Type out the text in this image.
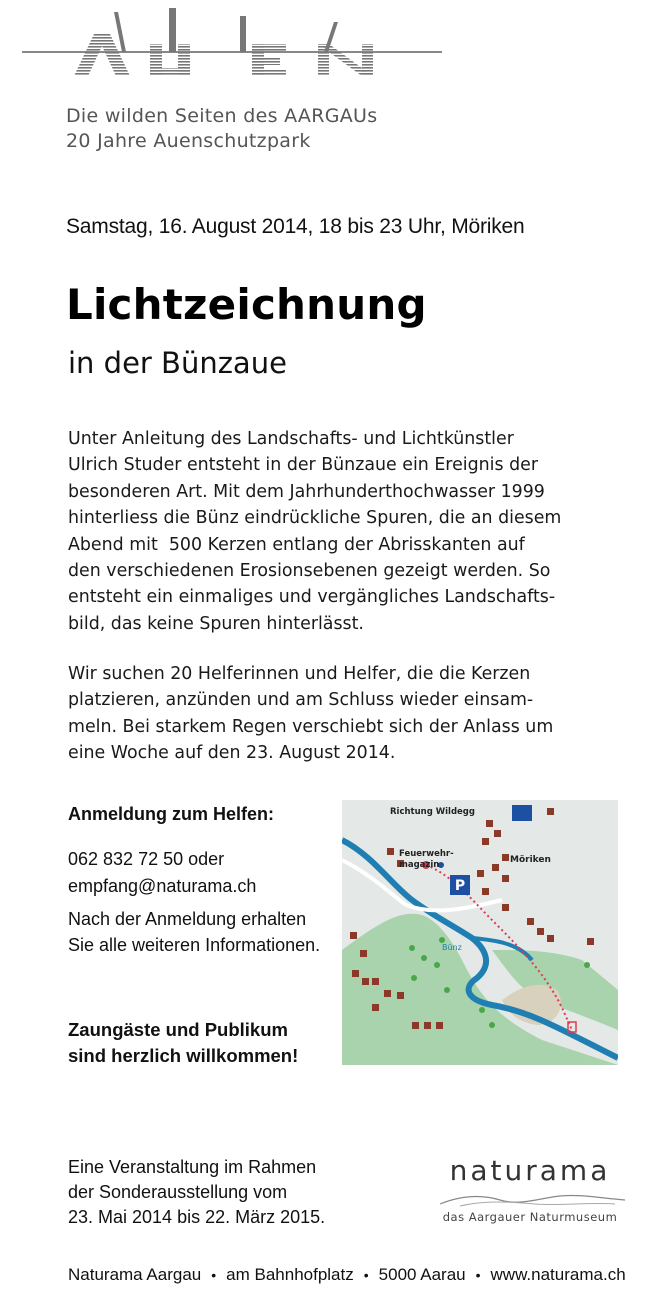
AUEN
Die wilden Seiten des AARGAUs
20 Jahre Auenschutzpark
Samstag, 16. August 2014, 18 bis 23 Uhr, Möriken
Lichtzeichnung
in der Bünzaue

Unter Anleitung des Landschafts- und Lichtkünstler
Ulrich Studer entsteht in der Bünzaue ein Ereignis der
besonderen Art. Mit dem Jahrhunderthochwasser 1999
hinterliess die Bünz eindrückliche Spuren, die an diesem
Abend mit  500 Kerzen entlang der Abrisskanten auf
den verschiedenen Erosionsebenen gezeigt werden. So
entsteht ein einmaliges und vergängliches Landschafts-
bild, das keine Spuren hinterlässt.

Wir suchen 20 Helferinnen und Helfer, die die Kerzen
platzieren, anzünden und am Schluss wieder einsam-
meln. Bei starkem Regen verschiebt sich der Anlass um
eine Woche auf den 23. August 2014.

Anmeldung zum Helfen:
062 832 72 50 oder
empfang@naturama.ch
Nach der Anmeldung erhalten
Sie alle weiteren Informationen.
Zaungäste und Publikum
sind herzlich willkommen!
P
Richtung Wildegg
Feuerwehr-
magazin	Möriken
Bünz
Eine Veranstaltung im Rahmen
der Sonderausstellung vom
23. Mai 2014 bis 22. März 2015.
naturama
das Aargauer Naturmuseum
Naturama Aargau • am Bahnhofplatz • 5000 Aarau • www.naturama.ch
